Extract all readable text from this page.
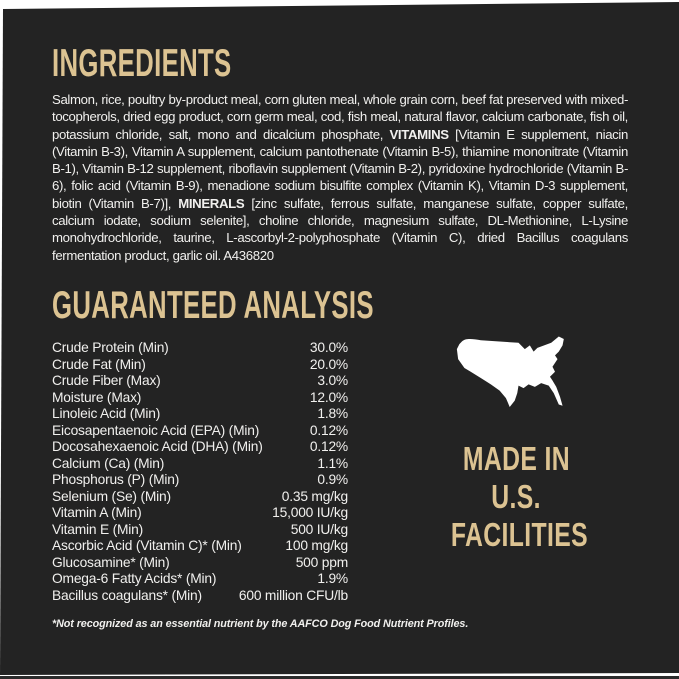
INGREDIENTS

Salmon, rice, poultry by-product meal, corn gluten meal, whole grain corn, beef fat preserved with mixed-tocopherols, dried egg product, corn germ meal, cod, fish meal, natural flavor, calcium carbonate, fish oil, potassium chloride, salt, mono and dicalcium phosphate, VITAMINS [Vitamin E supplement, niacin (Vitamin B-3), Vitamin A supplement, calcium pantothenate (Vitamin B-5), thiamine mononitrate (Vitamin B-1), Vitamin B-12 supplement, riboflavin supplement (Vitamin B-2), pyridoxine hydrochloride (Vitamin B-6), folic acid (Vitamin B-9), menadione sodium bisulfite complex (Vitamin K), Vitamin D-3 supplement, biotin (Vitamin B-7)], MINERALS [zinc sulfate, ferrous sulfate, manganese sulfate, copper sulfate, calcium iodate, sodium selenite], choline chloride, magnesium sulfate, DL-Methionine, L-Lysine monohydrochloride, taurine, L-ascorbyl-2-polyphosphate (Vitamin C), dried Bacillus coagulans fermentation product, garlic oil. A436820

GUARANTEED ANALYSIS
Crude Protein (Min)	30.0%
Crude Fat (Min)	20.0%
Crude Fiber (Max)	3.0%
Moisture (Max)	12.0%
Linoleic Acid (Min)	1.8%
Eicosapentaenoic Acid (EPA) (Min)	0.12%
Docosahexaenoic Acid (DHA) (Min)	0.12%
Calcium (Ca) (Min)	1.1%
Phosphorus (P) (Min)	0.9%
Selenium (Se) (Min)	0.35 mg/kg
Vitamin A (Min)	15,000 IU/kg
Vitamin E (Min)	500 IU/kg
Ascorbic Acid (Vitamin C)* (Min)	100 mg/kg
Glucosamine* (Min)	500 ppm
Omega-6 Fatty Acids* (Min)	1.9%
Bacillus coagulans* (Min)	600 million CFU/lb

*Not recognized as an essential nutrient by the AAFCO Dog Food Nutrient Profiles.

MADE IN
U.S.
FACILITIES
